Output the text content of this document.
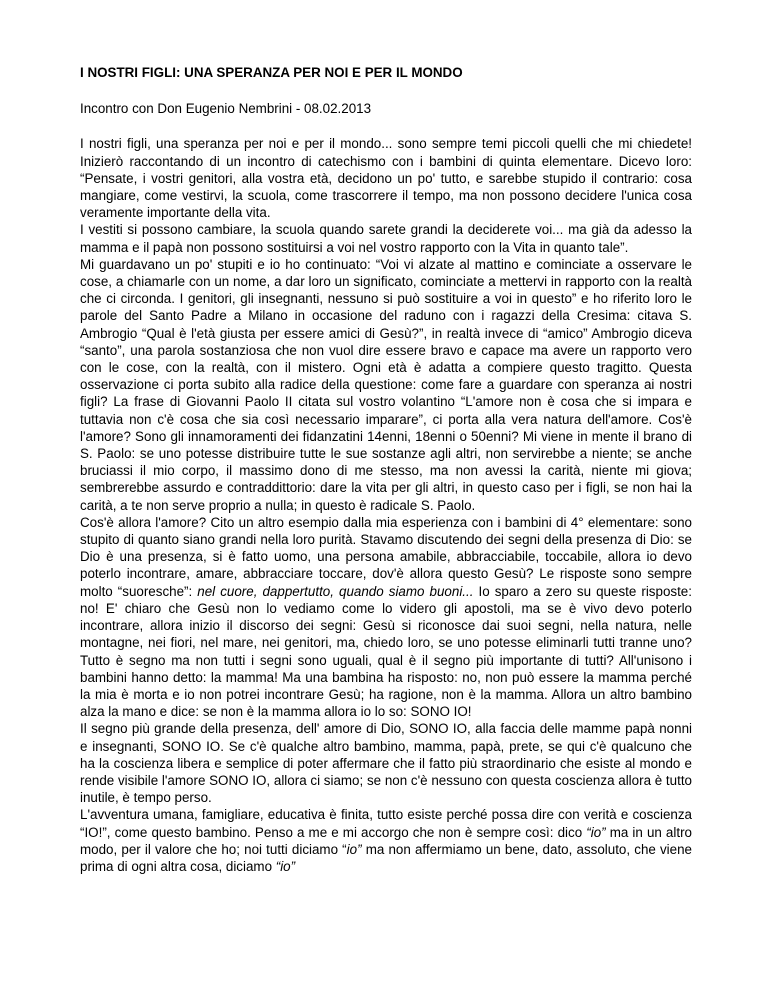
I NOSTRI FIGLI: UNA SPERANZA PER NOI E PER IL MONDO

Incontro con Don Eugenio Nembrini - 08.02.2013

I nostri figli, una speranza per noi e per il mondo... sono sempre temi piccoli quelli che mi chiedete! Inizierò raccontando di un incontro di catechismo con i bambini di quinta elementare. Dicevo loro: “Pensate, i vostri genitori, alla vostra età, decidono un po' tutto, e sarebbe stupido il contrario: cosa mangiare, come vestirvi, la scuola, come trascorrere il tempo, ma non possono decidere l'unica cosa veramente importante della vita.

I vestiti si possono cambiare, la scuola quando sarete grandi la deciderete voi... ma già da adesso la mamma e il papà non possono sostituirsi a voi nel vostro rapporto con la Vita in quanto tale”.

Mi guardavano un po' stupiti e io ho continuato: “Voi vi alzate al mattino e cominciate a osservare le cose, a chiamarle con un nome, a dar loro un significato, cominciate a mettervi in rapporto con la realtà che ci circonda. I genitori, gli insegnanti, nessuno si può sostituire a voi in questo” e ho riferito loro le parole del Santo Padre a Milano in occasione del raduno con i ragazzi della Cresima: citava S. Ambrogio “Qual è l'età giusta per essere amici di Gesù?”, in realtà invece di “amico” Ambrogio diceva “santo”, una parola sostanziosa che non vuol dire essere bravo e capace ma avere un rapporto vero con le cose, con la realtà, con il mistero. Ogni età è adatta a compiere questo tragitto. Questa osservazione ci porta subito alla radice della questione: come fare a guardare con speranza ai nostri figli? La frase di Giovanni Paolo II citata sul vostro volantino “L'amore non è cosa che si impara e tuttavia non c'è cosa che sia così necessario imparare”, ci porta alla vera natura dell'amore. Cos'è l'amore? Sono gli innamoramenti dei fidanzatini 14enni, 18enni o 50enni? Mi viene in mente il brano di S. Paolo: se uno potesse distribuire tutte le sue sostanze agli altri, non servirebbe a niente; se anche bruciassi il mio corpo, il massimo dono di me stesso, ma non avessi la carità, niente mi giova; sembrerebbe assurdo e contraddittorio: dare la vita per gli altri, in questo caso per i figli, se non hai la carità, a te non serve proprio a nulla; in questo è radicale S. Paolo.

Cos'è allora l'amore? Cito un altro esempio dalla mia esperienza con i bambini di 4° elementare: sono stupito di quanto siano grandi nella loro purità. Stavamo discutendo dei segni della presenza di Dio: se Dio è una presenza, si è fatto uomo, una persona amabile, abbracciabile, toccabile, allora io devo poterlo incontrare, amare, abbracciare toccare, dov'è allora questo Gesù? Le risposte sono sempre molto “suoresche”: nel cuore, dappertutto, quando siamo buoni... Io sparo a zero su queste risposte: no! E' chiaro che Gesù non lo vediamo come lo videro gli apostoli, ma se è vivo devo poterlo incontrare, allora inizio il discorso dei segni: Gesù si riconosce dai suoi segni, nella natura, nelle montagne, nei fiori, nel mare, nei genitori, ma, chiedo loro, se uno potesse eliminarli tutti tranne uno? Tutto è segno ma non tutti i segni sono uguali, qual è il segno più importante di tutti? All'unisono i bambini hanno detto: la mamma! Ma una bambina ha risposto: no, non può essere la mamma perché la mia è morta e io non potrei incontrare Gesù; ha ragione, non è la mamma. Allora un altro bambino alza la mano e dice: se non è la mamma allora io lo so: SONO IO!

Il segno più grande della presenza, dell' amore di Dio, SONO IO, alla faccia delle mamme papà nonni e insegnanti, SONO IO. Se c'è qualche altro bambino, mamma, papà, prete, se qui c'è qualcuno che ha la coscienza libera e semplice di poter affermare che il fatto più straordinario che esiste al mondo e rende visibile l'amore SONO IO, allora ci siamo; se non c'è nessuno con questa coscienza allora è tutto inutile, è tempo perso.

L'avventura umana, famigliare, educativa è finita, tutto esiste perché possa dire con verità e coscienza “IO!”, come questo bambino. Penso a me e mi accorgo che non è sempre così: dico “io” ma in un altro modo, per il valore che ho; noi tutti diciamo “io” ma non affermiamo un bene, dato, assoluto, che viene prima di ogni altra cosa, diciamo “io”
